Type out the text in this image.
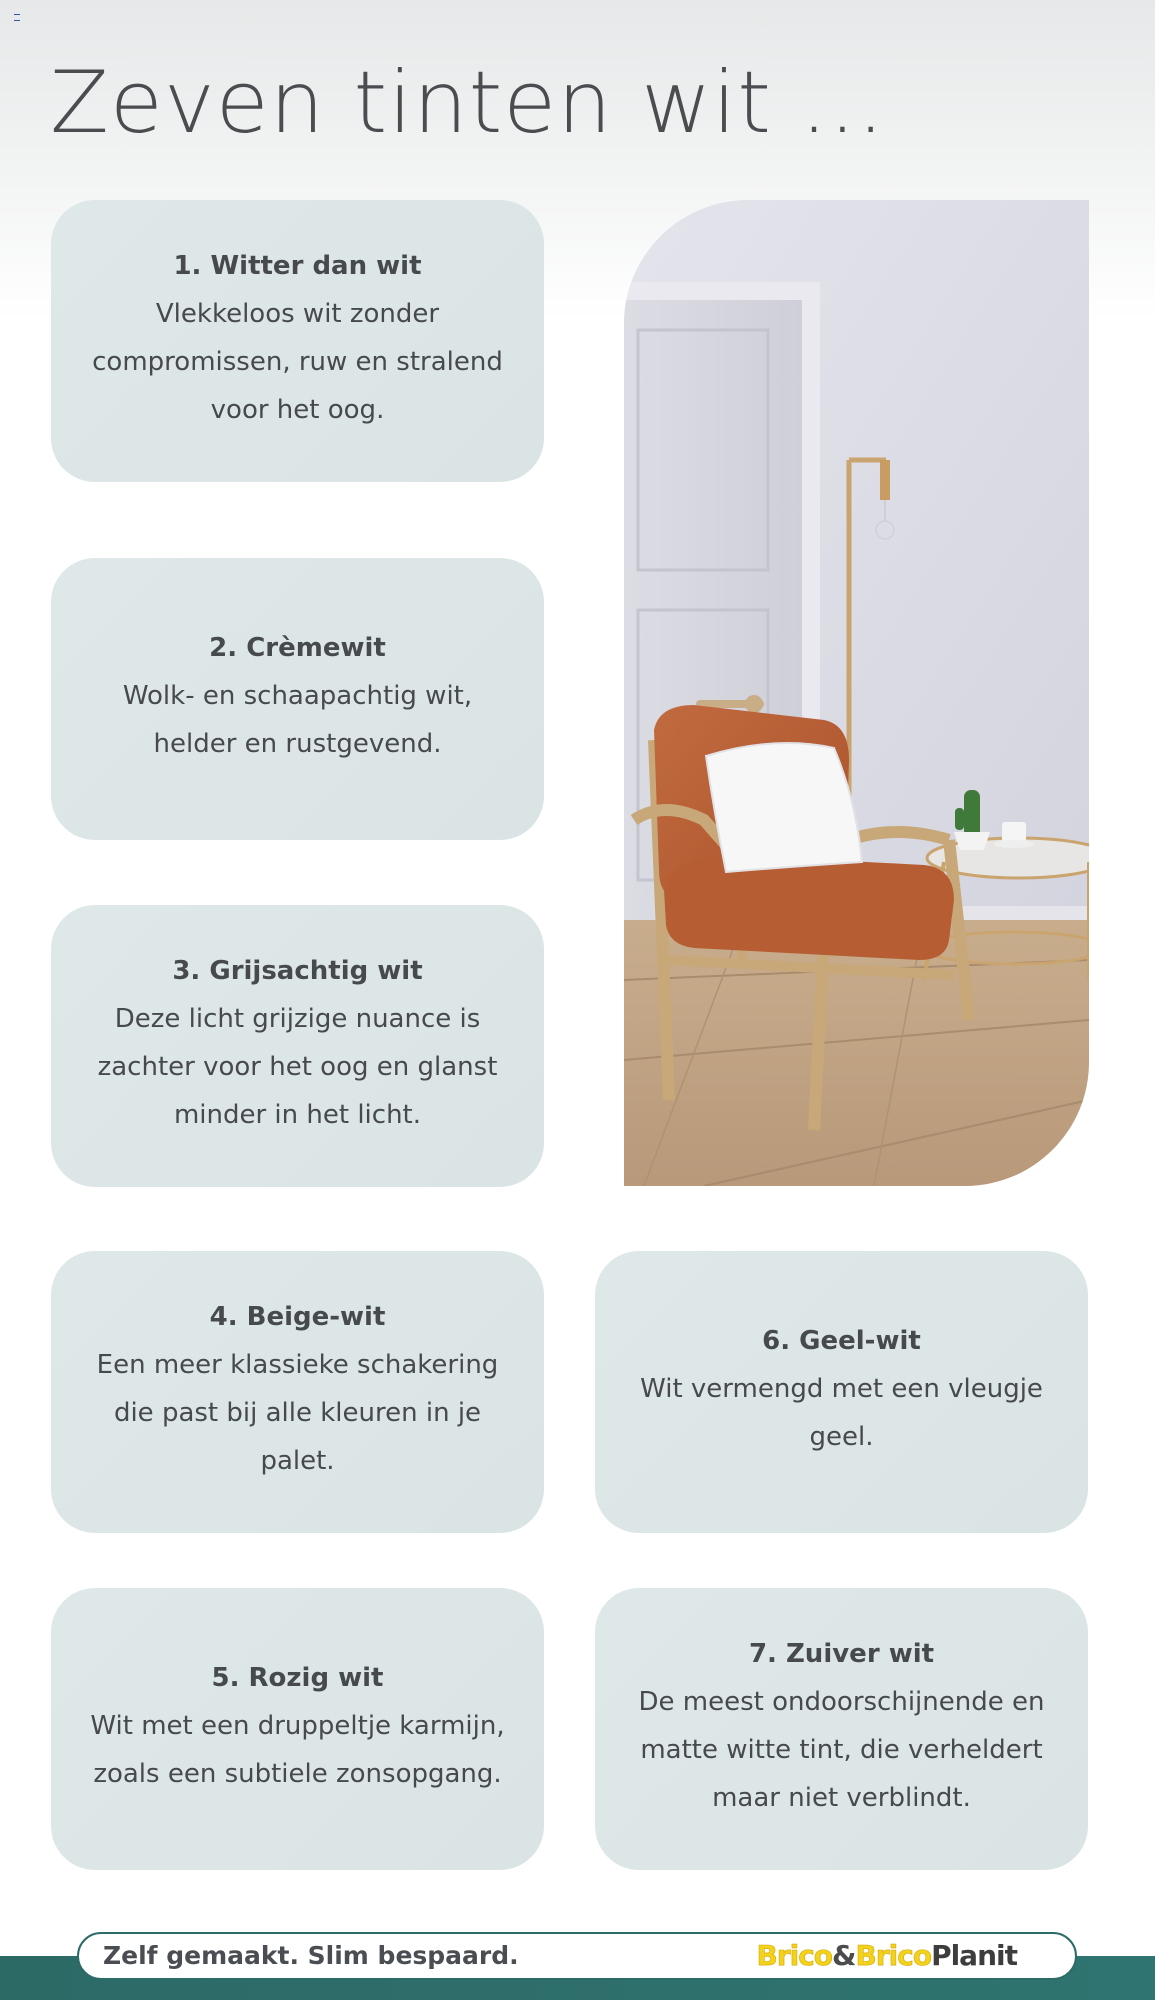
Zeven tinten wit ...
1. Witter dan wit
Vlekkeloos wit zonder
compromissen, ruw en stralend
voor het oog.
2. Crèmewit
Wolk- en schaapachtig wit,
helder en rustgevend.
3. Grijsachtig wit
Deze licht grijzige nuance is
zachter voor het oog en glanst
minder in het licht.
4. Beige-wit
Een meer klassieke schakering
die past bij alle kleuren in je
palet.
5. Rozig wit
Wit met een druppeltje karmijn,
zoals een subtiele zonsopgang.
6. Geel-wit
Wit vermengd met een vleugje
geel.
7. Zuiver wit
De meest ondoorschijnende en
matte witte tint, die verheldert
maar niet verblindt.
Zelf gemaakt. Slim bespaard.	Brico&BricoPlanit
